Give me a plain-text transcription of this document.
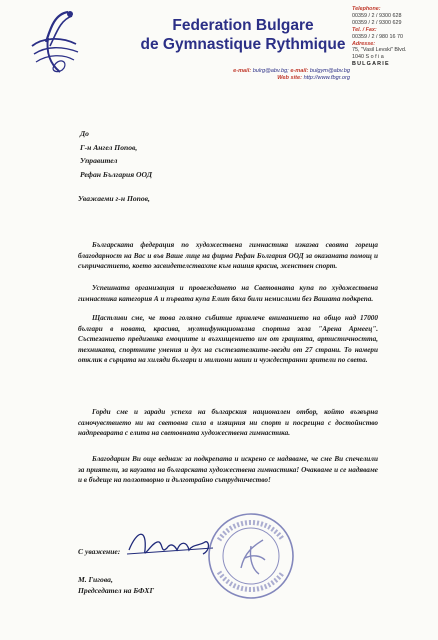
Federation Bulgare
de Gymnastique Rythmique
e-mail: bulrg@abv.bg; e-mail: bulgym@abv.bg
Web site: http://www.fbgr.org
Telephone:
00359 / 2 / 9300 628
00359 / 2 / 9300 629
Tel. / Fax:
00359 / 2 / 980 16 70
Adresse:
75, "Vasil Levski" Blvd.
1040 S o f i a
BULGARIE
До
Г-н Ангел Попов,
Управител
Рефан България ООД
Уважаеми г-н Попов,
Българската федерация по художествена гимнастика изказва своята гореща благодарност на Вас и във Ваше лице на фирма Рефан България ООД за оказаната помощ и съпричастието, което засвидетелствахте към нашия красив, женствен спорт.
Успешната организация и провеждането на Световната купа по художествена гимнастика категория А и първата купа Елит бяха били немислими без Вашата подкрепа.
Щастливи сме, че това голямо събитие привлече вниманието на общо над 17000 българи в новата, красива, мултифункционална спортна зала "Арена Армеец". Състезанието предизвика емоциите и възхищението им от грацията, артистичността, техниката, спортните умения и дух на състезателките-звезди от 27 страни. То намери отклик в сърцата на хиляди българи и милиони наши и чуждестранни зрители по света.
Горди сме и заради успеха на българския национален отбор, който възвърна самочувствието ни на световна сила в изящния ни спорт и посрещна с достойнство надпреварата с елита на световната художествена гимнастика.
Благодарим Ви още веднаж за подкрепата и искрено се надяваме, че сме Ви спечелили за приятели, за каузата на българската художествена гимнастика! Очакваме и се надяваме и в бъдеще на ползотворно и дълготрайно сътрудничество!
С уважение:
М. Гигова,
Председател на БФХГ
